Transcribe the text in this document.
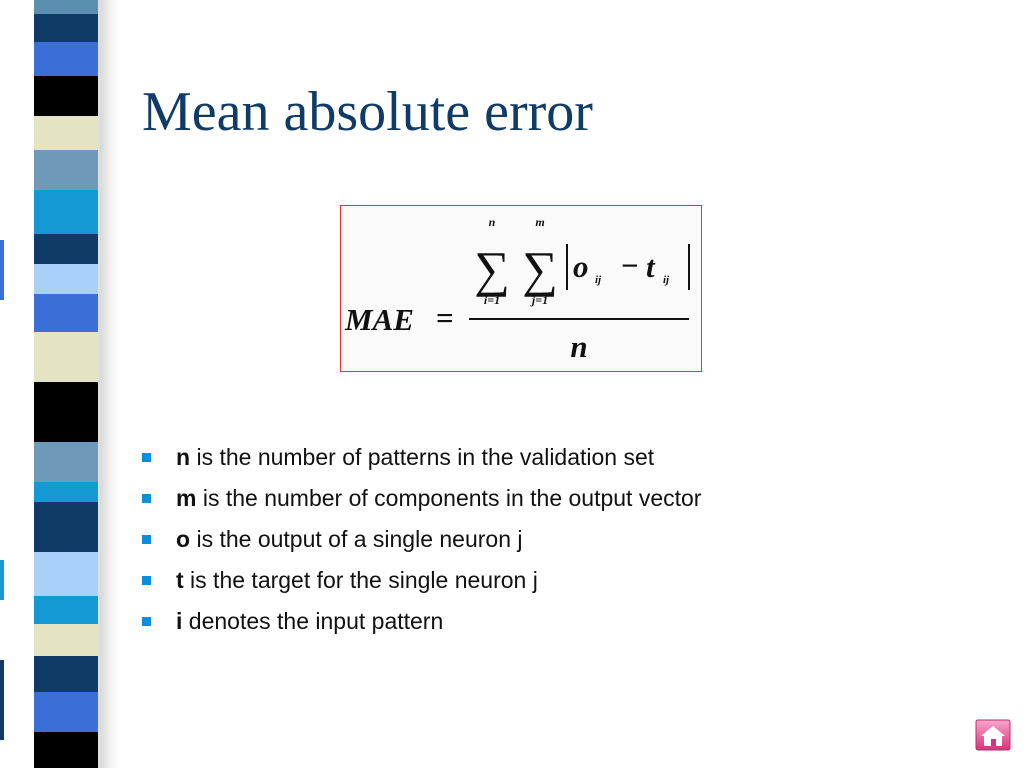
Mean absolute error
MAE =
n
∑
i=1
m
∑
j=1
o ij − t ij
n
n is the number of patterns in the validation set
m is the number of components in the output vector
o is the output of a single neuron j
t is the target for the single neuron j
i denotes the input pattern
